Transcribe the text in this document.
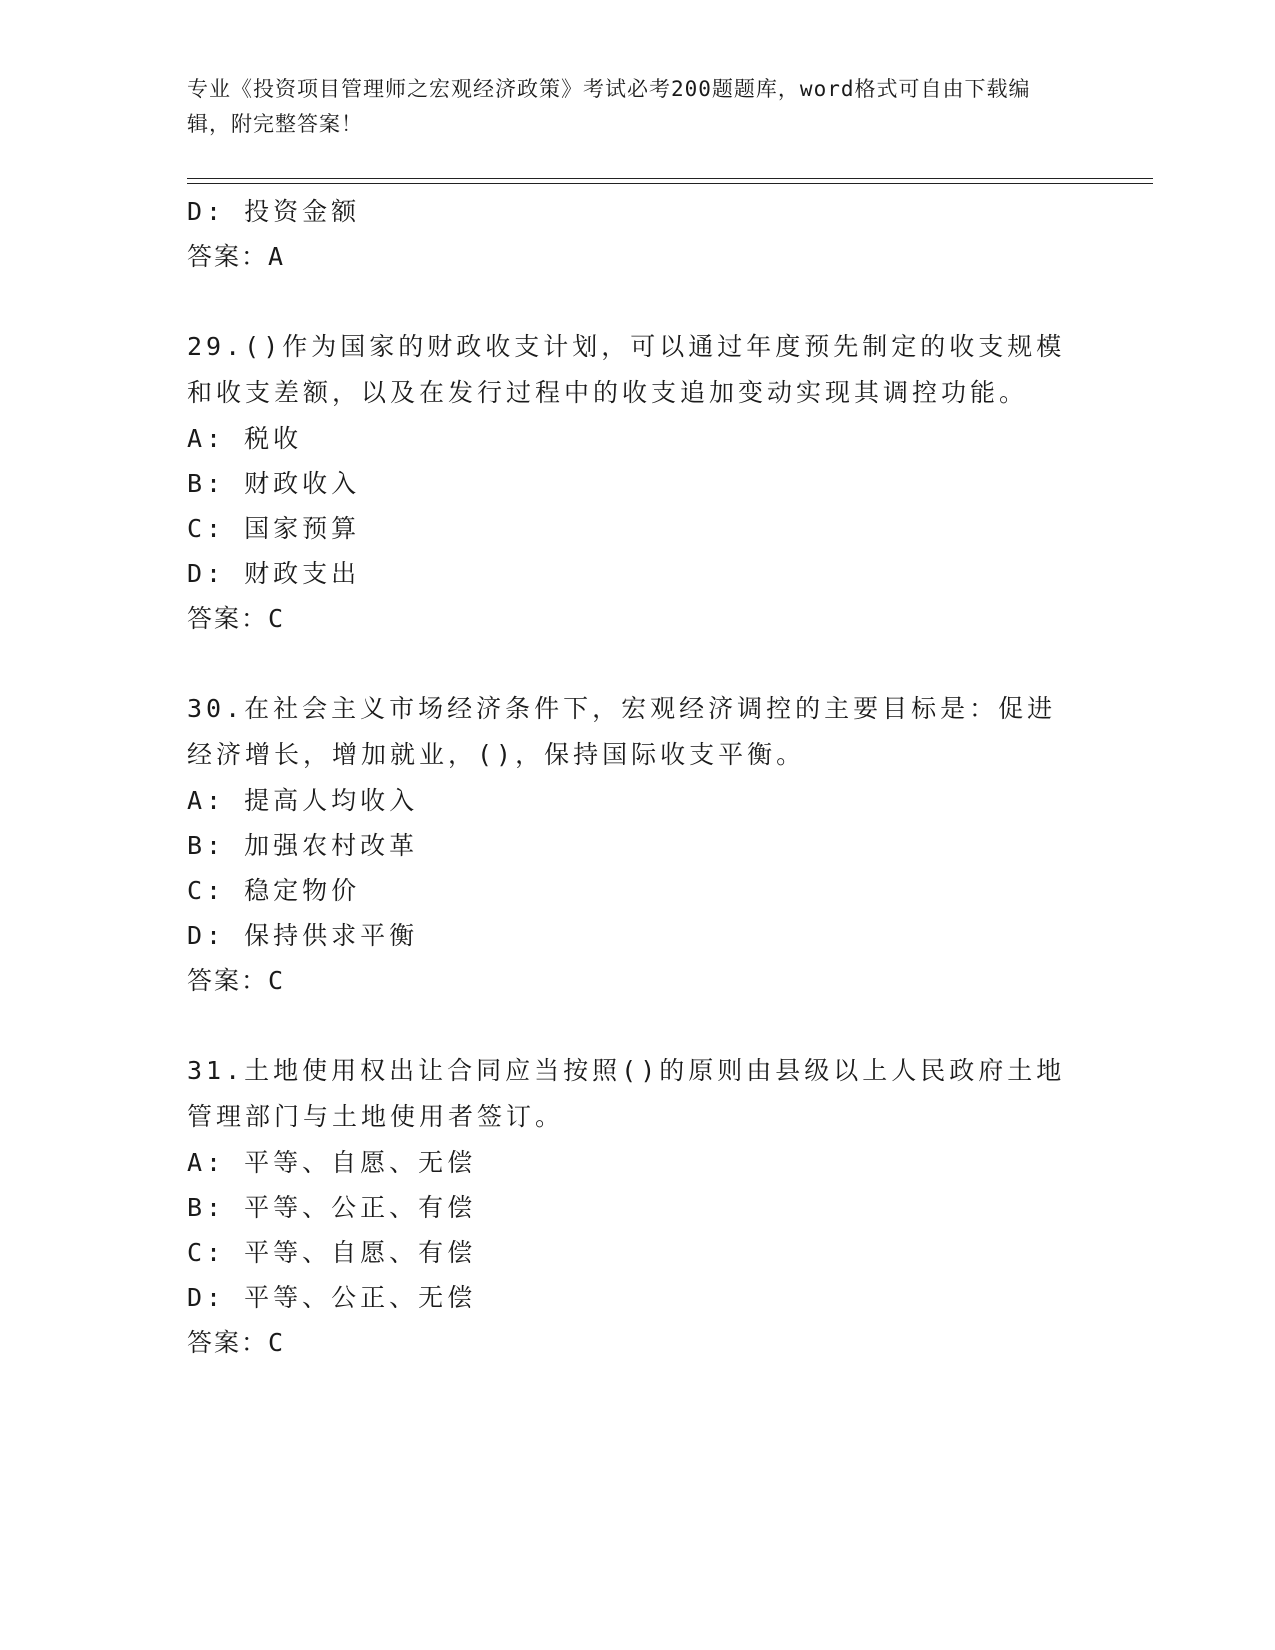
专业《投资项目管理师之宏观经济政策》考试必考200题题库，word格式可自由下载编辑，附完整答案！
D: 投资金额
答案：A
29.()作为国家的财政收支计划，可以通过年度预先制定的收支规模和收支差额，以及在发行过程中的收支追加变动实现其调控功能。
A: 税收
B: 财政收入
C: 国家预算
D: 财政支出
答案：C
30.在社会主义市场经济条件下，宏观经济调控的主要目标是：促进经济增长，增加就业，()，保持国际收支平衡。
A: 提高人均收入
B: 加强农村改革
C: 稳定物价
D: 保持供求平衡
答案：C
31.土地使用权出让合同应当按照()的原则由县级以上人民政府土地管理部门与土地使用者签订。
A: 平等、自愿、无偿
B: 平等、公正、有偿
C: 平等、自愿、有偿
D: 平等、公正、无偿
答案：C
